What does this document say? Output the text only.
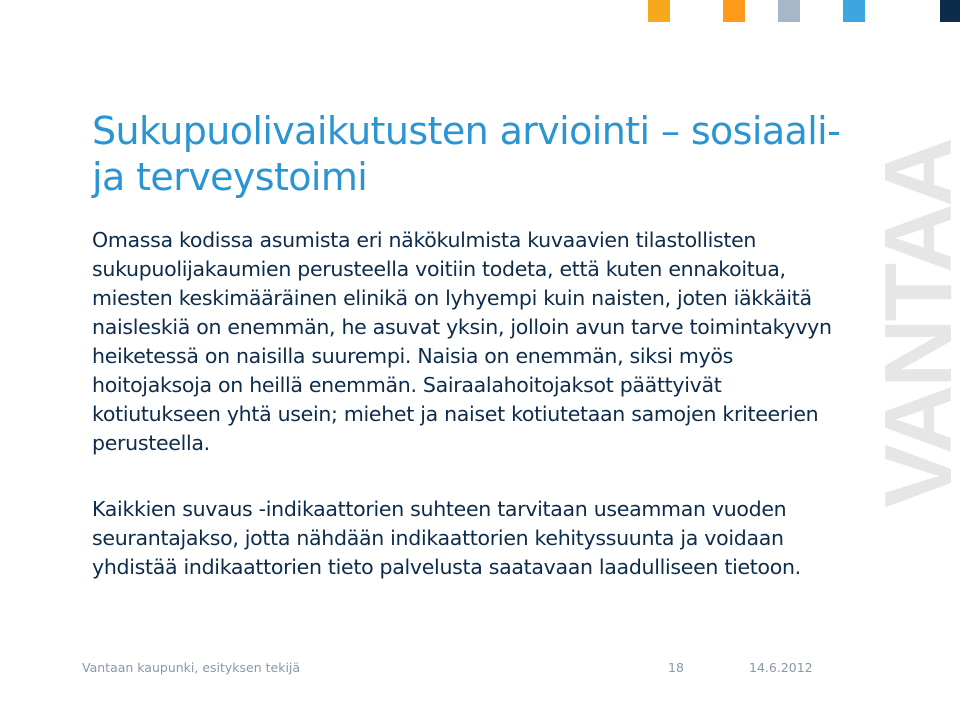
VANTAA
Sukupuolivaikutusten arviointi – sosiaali-ja terveystoimi

Omassa kodissa asumista eri näkökulmista kuvaavien tilastollisten sukupuolijakaumien perusteella voitiin todeta, että kuten ennakoitua, miesten keskimääräinen elinikä on lyhyempi kuin naisten, joten iäkkäitä naisleskiä on enemmän, he asuvat yksin, jolloin avun tarve toimintakyvyn heiketessä on naisilla suurempi. Naisia on enemmän, siksi myös hoitojaksoja on heillä enemmän. Sairaalahoitojaksot päättyivät kotiutukseen yhtä usein; miehet ja naiset kotiutetaan samojen kriteerien perusteella.

Kaikkien suvaus -indikaattorien suhteen tarvitaan useamman vuoden seurantajakso, jotta nähdään indikaattorien kehityssuunta ja voidaan yhdistää indikaattorien tieto palvelusta saatavaan laadulliseen tietoon.

Vantaan kaupunki, esityksen tekijä	18	14.6.2012
